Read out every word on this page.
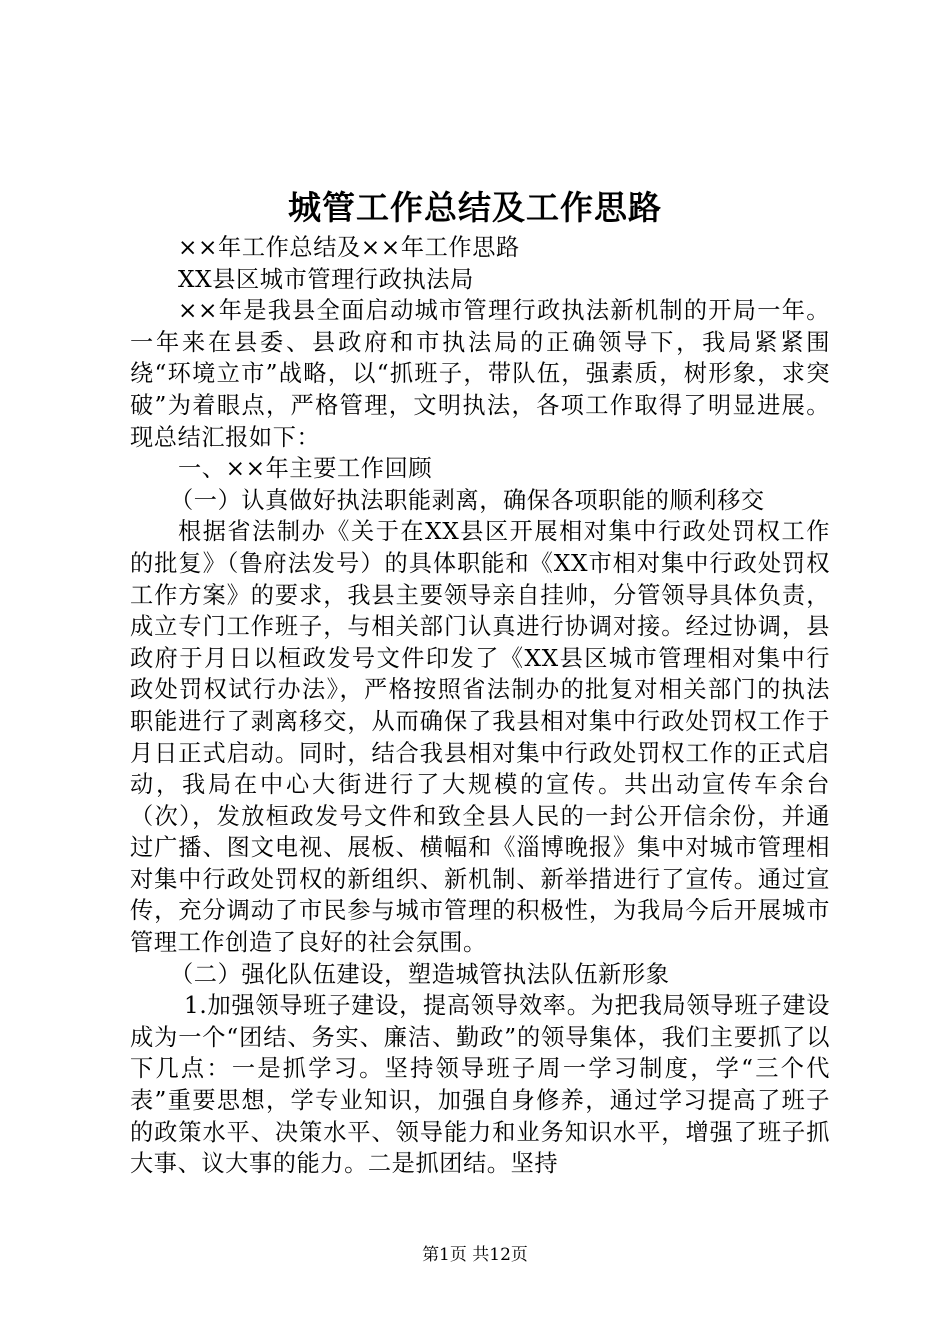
城管工作总结及工作思路

××年工作总结及××年工作思路

XX县区城市管理行政执法局

××年是我县全面启动城市管理行政执法新机制的开局一年。一年来在县委、县政府和市执法局的正确领导下，我局紧紧围绕“环境立市”战略，以“抓班子，带队伍，强素质，树形象，求突破”为着眼点，严格管理，文明执法，各项工作取得了明显进展。现总结汇报如下：

一、××年主要工作回顾

（一）认真做好执法职能剥离，确保各项职能的顺利移交

根据省法制办《关于在XX县区开展相对集中行政处罚权工作的批复》（鲁府法发号）的具体职能和《XX市相对集中行政处罚权工作方案》的要求，我县主要领导亲自挂帅，分管领导具体负责，成立专门工作班子，与相关部门认真进行协调对接。经过协调，县政府于月日以桓政发号文件印发了《XX县区城市管理相对集中行政处罚权试行办法》，严格按照省法制办的批复对相关部门的执法职能进行了剥离移交，从而确保了我县相对集中行政处罚权工作于月日正式启动。同时，结合我县相对集中行政处罚权工作的正式启动，我局在中心大街进行了大规模的宣传。共出动宣传车余台（次），发放桓政发号文件和致全县人民的一封公开信余份，并通过广播、图文电视、展板、横幅和《淄博晚报》集中对城市管理相对集中行政处罚权的新组织、新机制、新举措进行了宣传。通过宣传，充分调动了市民参与城市管理的积极性，为我局今后开展城市管理工作创造了良好的社会氛围。

（二）强化队伍建设，塑造城管执法队伍新形象

1.加强领导班子建设，提高领导效率。为把我局领导班子建设成为一个“团结、务实、廉洁、勤政”的领导集体，我们主要抓了以下几点：一是抓学习。坚持领导班子周一学习制度，学“三个代表”重要思想，学专业知识，加强自身修养，通过学习提高了班子的政策水平、决策水平、领导能力和业务知识水平，增强了班子抓大事、议大事的能力。二是抓团结。坚持

第1页 共12页
